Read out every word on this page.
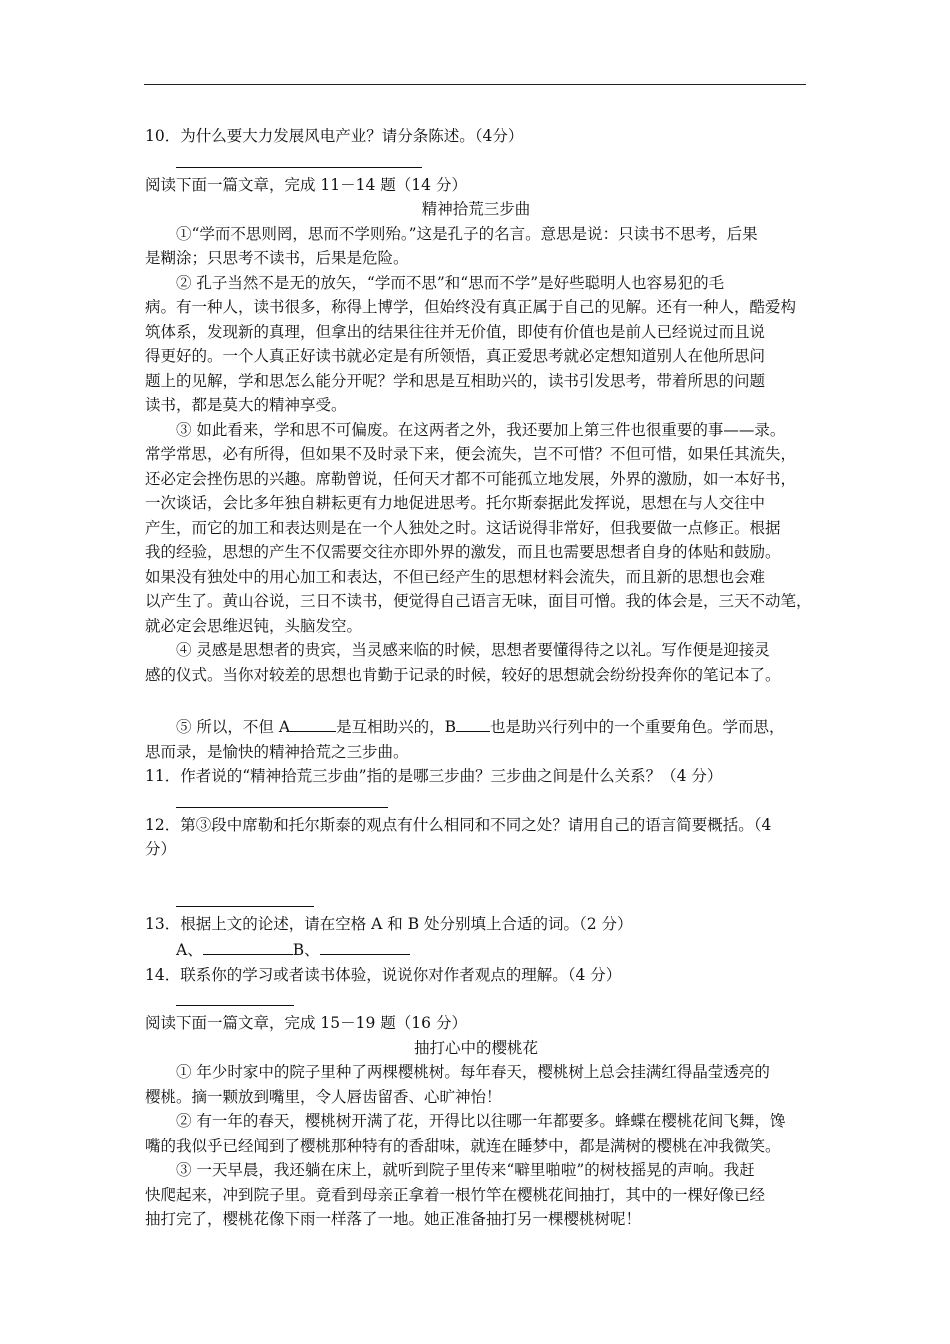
10．为什么要大力发展风电产业？请分条陈述。（4分）
阅读下面一篇文章，完成 11－14 题（14 分）
精神拾荒三步曲
①“学而不思则罔，思而不学则殆。”这是孔子的名言。意思是说：只读书不思考，后果
是糊涂；只思考不读书，后果是危险。
② 孔子当然不是无的放矢，“学而不思”和“思而不学”是好些聪明人也容易犯的毛
病。有一种人，读书很多，称得上博学，但始终没有真正属于自己的见解。还有一种人，酷爱构
筑体系，发现新的真理，但拿出的结果往往并无价值，即使有价值也是前人已经说过而且说
得更好的。一个人真正好读书就必定是有所领悟，真正爱思考就必定想知道别人在他所思问
题上的见解，学和思怎么能分开呢？学和思是互相助兴的，读书引发思考，带着所思的问题
读书，都是莫大的精神享受。
③ 如此看来，学和思不可偏废。在这两者之外，我还要加上第三件也很重要的事——录。
常学常思，必有所得，但如果不及时录下来，便会流失，岂不可惜？不但可惜，如果任其流失，
还必定会挫伤思的兴趣。席勒曾说，任何天才都不可能孤立地发展，外界的激励，如一本好书，
一次谈话，会比多年独自耕耘更有力地促进思考。托尔斯泰据此发挥说，思想在与人交往中
产生，而它的加工和表达则是在一个人独处之时。这话说得非常好，但我要做一点修正。根据
我的经验，思想的产生不仅需要交往亦即外界的激发，而且也需要思想者自身的体贴和鼓励。
如果没有独处中的用心加工和表达，不但已经产生的思想材料会流失，而且新的思想也会难
以产生了。黄山谷说，三日不读书，便觉得自己语言无味，面目可憎。我的体会是，三天不动笔，
就必定会思维迟钝，头脑发空。
④ 灵感是思想者的贵宾，当灵感来临的时候，思想者要懂得待之以礼。写作便是迎接灵
感的仪式。当你对较差的思想也肯勤于记录的时候，较好的思想就会纷纷投奔你的笔记本了。
⑤ 所以，不但 A	是互相助兴的，B 也是助兴行列中的一个重要角色。学而思，
思而录，是愉快的精神拾荒之三步曲。
11．作者说的“精神拾荒三步曲”指的是哪三步曲？三步曲之间是什么关系？（4 分）
12．第③段中席勒和托尔斯泰的观点有什么相同和不同之处？请用自己的语言简要概括。（4
分）
13．根据上文的论述，请在空格 A 和 B 处分别填上合适的词。（2 分）
A、	B、
14．联系你的学习或者读书体验，说说你对作者观点的理解。（4 分）
阅读下面一篇文章，完成 15－19 题（16 分）
抽打心中的樱桃花
① 年少时家中的院子里种了两棵樱桃树。每年春天，樱桃树上总会挂满红得晶莹透亮的
樱桃。摘一颗放到嘴里，令人唇齿留香、心旷神怡！
② 有一年的春天，樱桃树开满了花，开得比以往哪一年都要多。蜂蝶在樱桃花间飞舞，馋
嘴的我似乎已经闻到了樱桃那种特有的香甜味，就连在睡梦中，都是满树的樱桃在冲我微笑。
③ 一天早晨，我还躺在床上，就听到院子里传来“噼里啪啦”的树枝摇晃的声响。我赶
快爬起来，冲到院子里。竟看到母亲正拿着一根竹竿在樱桃花间抽打，其中的一棵好像已经
抽打完了，樱桃花像下雨一样落了一地。她正准备抽打另一棵樱桃树呢！
